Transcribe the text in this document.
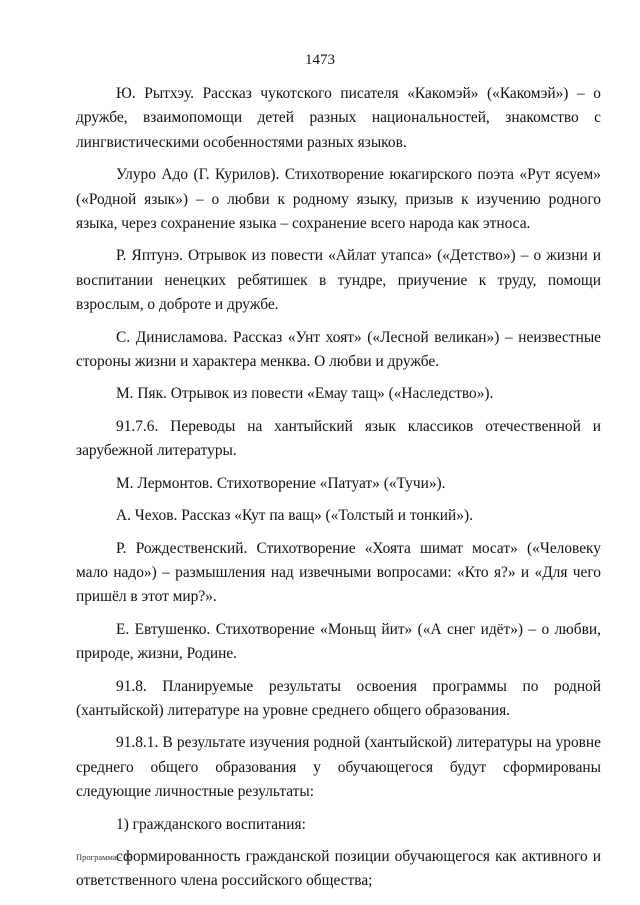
1473

Ю. Рытхэу. Рассказ чукотского писателя «Какомэй» («Какомэй») – о дружбе, взаимопомощи детей разных национальностей, знакомство с лингвистическими особенностями разных языков.

Улуро Адо (Г. Курилов). Стихотворение юкагирского поэта «Рут ясуем» («Родной язык») – о любви к родному языку, призыв к изучению родного языка, через сохранение языка – сохранение всего народа как этноса.

Р. Яптунэ. Отрывок из повести «Айлат утапса» («Детство») – о жизни и воспитании ненецких ребятишек в тундре, приучение к труду, помощи взрослым, о доброте и дружбе.

С. Динисламова. Рассказ «Унт хоят» («Лесной великан») – неизвестные стороны жизни и характера менква. О любви и дружбе.

М. Пяк. Отрывок из повести «Емау тащ» («Наследство»).

91.7.6. Переводы на хантыйский язык классиков отечественной и зарубежной литературы.

М. Лермонтов. Стихотворение «Патуат» («Тучи»).

А. Чехов. Рассказ «Кут па ващ» («Толстый и тонкий»).

Р. Рождественский. Стихотворение «Хоята шимат мосат» («Человеку мало надо») – размышления над извечными вопросами: «Кто я?» и «Для чего пришёл в этот мир?».

Е. Евтушенко. Стихотворение «Моньщ йит» («А снег идёт») – о любви, природе, жизни, Родине.

91.8. Планируемые результаты освоения программы по родной (хантыйской) литературе на уровне среднего общего образования.

91.8.1. В результате изучения родной (хантыйской) литературы на уровне среднего общего образования у обучающегося будут сформированы следующие личностные результаты:

1) гражданского воспитания:

сформированность гражданской позиции обучающегося как активного и ответственного члена российского общества;

Программа - 03
